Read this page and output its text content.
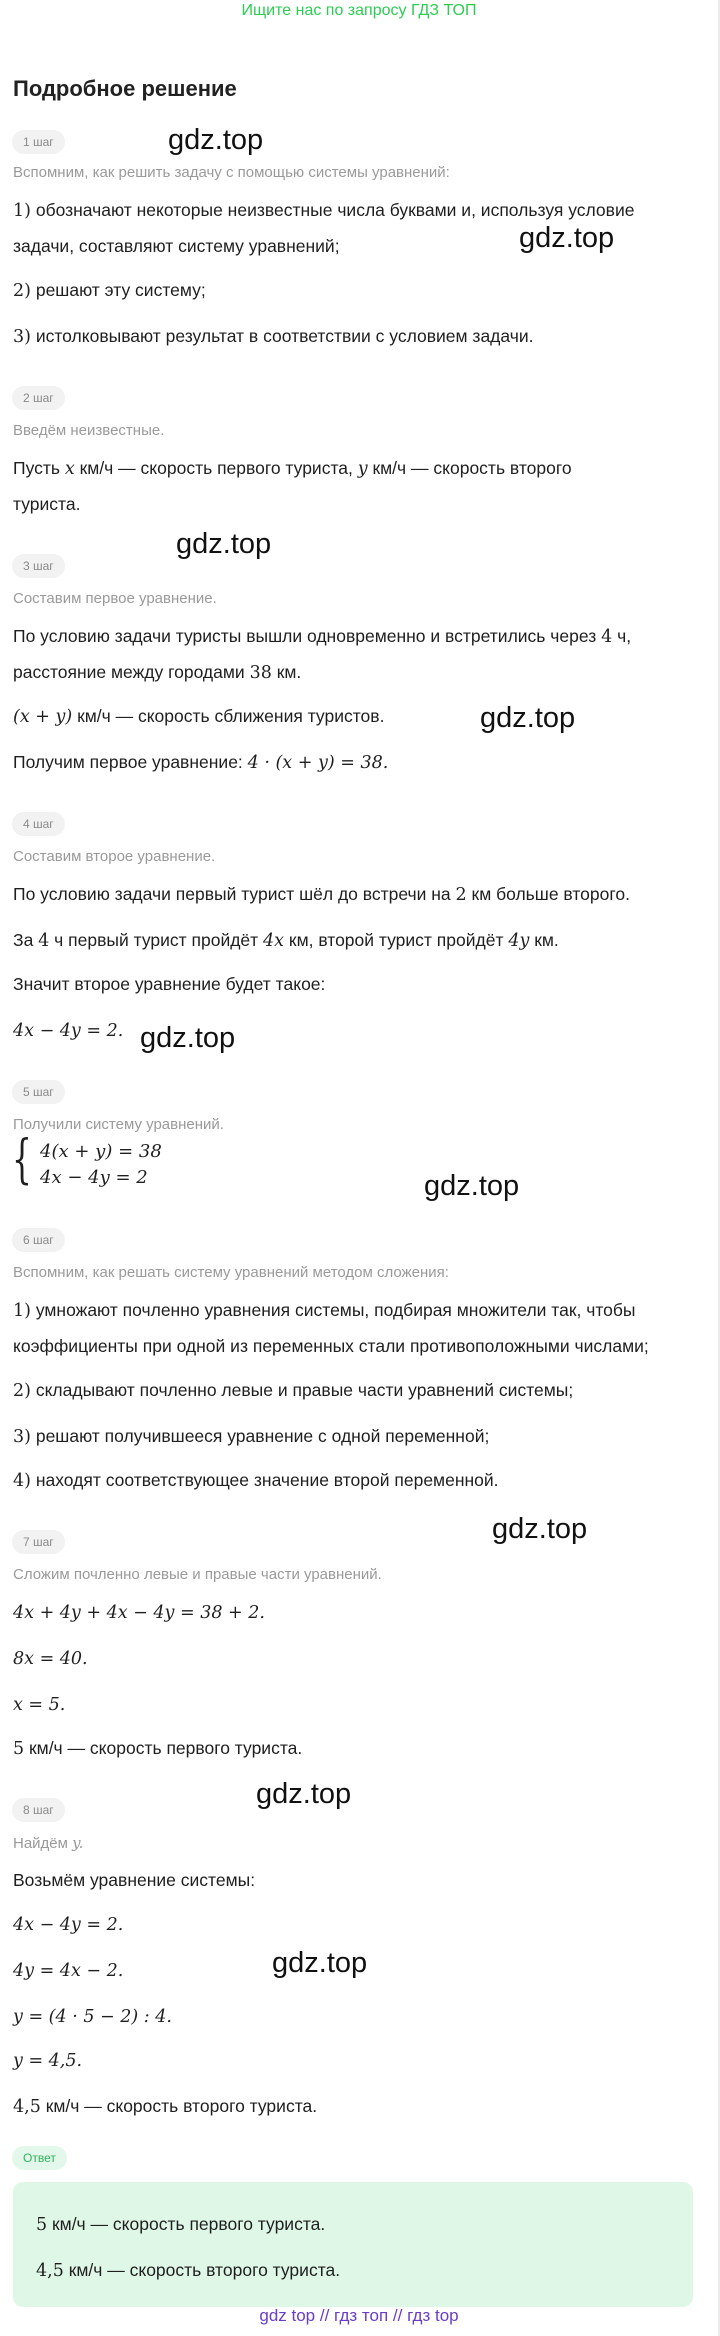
Ищите нас по запросу ГДЗ ТОП
Подробное решение
gdz.top
gdz.top
gdz.top
gdz.top
gdz.top
gdz.top
gdz.top
gdz.top
gdz.top
1 шаг
Вспомним, как решить задачу с помощью системы уравнений:
1) обозначают некоторые неизвестные числа буквами и, используя условие
задачи, составляют систему уравнений;
2) решают эту систему;
3) истолковывают результат в соответствии с условием задачи.
2 шаг
Введём неизвестные.
Пусть x км/ч — скорость первого туриста, y км/ч — скорость второго
туриста.
3 шаг
Составим первое уравнение.
По условию задачи туристы вышли одновременно и встретились через 4 ч,
расстояние между городами 38 км.
(x + y) км/ч — скорость сближения туристов.
Получим первое уравнение: 4 · (x + y) = 38.
4 шаг
Составим второе уравнение.
По условию задачи первый турист шёл до встречи на 2 км больше второго.
За 4 ч первый турист пройдёт 4x км, второй турист пройдёт 4y км.
Значит второе уравнение будет такое:
4x − 4y = 2.
5 шаг
Получили систему уравнений.
{ 4(x + y) = 38
4x − 4y = 2
6 шаг
Вспомним, как решать систему уравнений методом сложения:
1) умножают почленно уравнения системы, подбирая множители так, чтобы
коэффициенты при одной из переменных стали противоположными числами;
2) складывают почленно левые и правые части уравнений системы;
3) решают получившееся уравнение с одной переменной;
4) находят соответствующее значение второй переменной.
7 шаг
Сложим почленно левые и правые части уравнений.
4x + 4y + 4x − 4y = 38 + 2.
8x = 40.
x = 5.
5 км/ч — скорость первого туриста.
8 шаг
Найдём y.
Возьмём уравнение системы:
4x − 4y = 2.
4y = 4x − 2.
y = (4 · 5 − 2) : 4.
y = 4,5.
4,5 км/ч — скорость второго туриста.
Ответ
5 км/ч — скорость первого туриста.
4,5 км/ч — скорость второго туриста.
gdz top // гдз топ // гдз top
